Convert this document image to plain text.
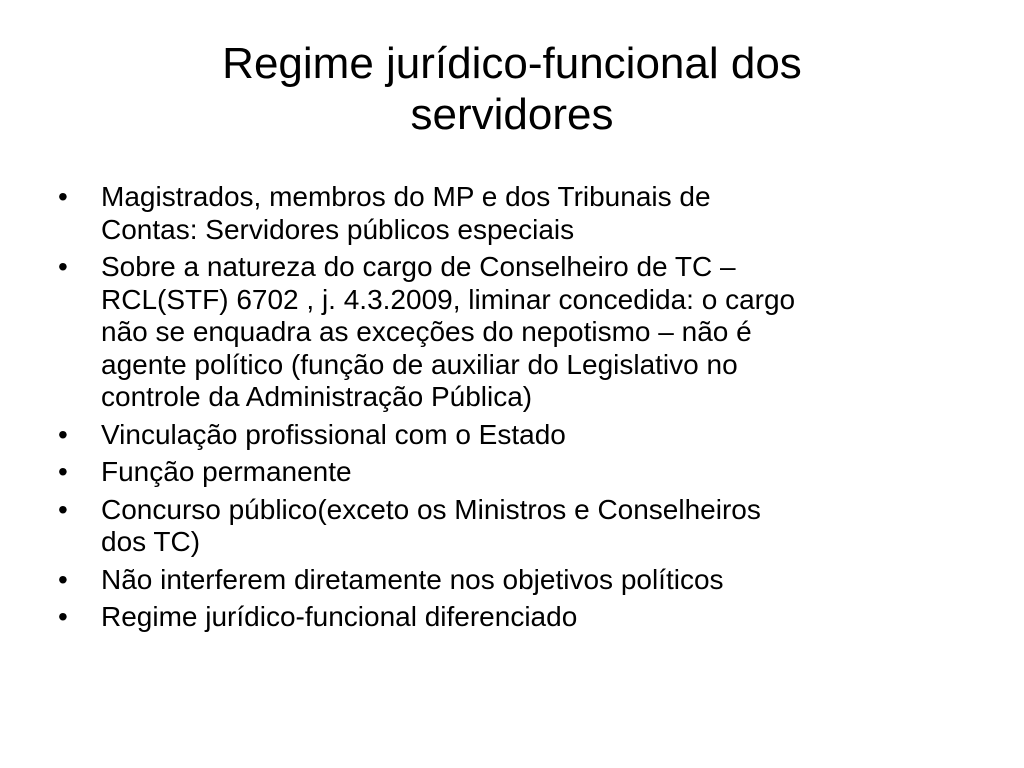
Regime jurídico-funcional dos
servidores
•	Magistrados, membros do MP e dos Tribunais de
Contas: Servidores públicos especiais
•	Sobre a natureza do cargo de Conselheiro de TC –
RCL(STF) 6702 , j. 4.3.2009, liminar concedida: o cargo
não se enquadra as exceções do nepotismo – não é
agente político (função de auxiliar do Legislativo no
controle da Administração Pública)
•	Vinculação profissional com o Estado
•	Função permanente
•	Concurso público(exceto os Ministros e Conselheiros
dos TC)
•	Não interferem diretamente nos objetivos políticos
•	Regime jurídico-funcional diferenciado
